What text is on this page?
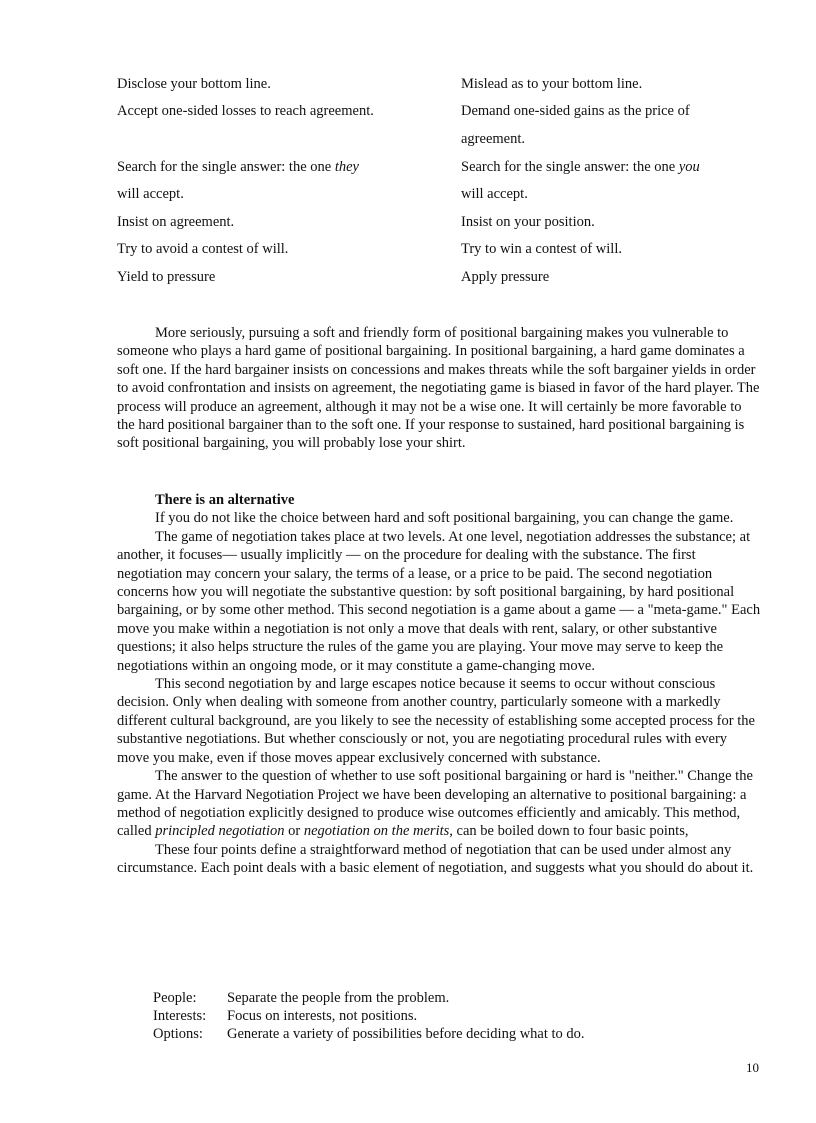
Disclose your bottom line.	Mislead as to your bottom line.
Accept one-sided losses to reach agreement.	Demand one-sided gains as the price of
agreement.
Search for the single answer: the one they	Search for the single answer: the one you
will accept.	will accept.
Insist on agreement.	Insist on your position.
Try to avoid a contest of will.	Try to win a contest of will.
Yield to pressure	Apply pressure

More seriously, pursuing a soft and friendly form of positional bargaining makes you vulnerable to someone who plays a hard game of positional bargaining. In positional bargaining, a hard game dominates a soft one. If the hard bargainer insists on concessions and makes threats while the soft bargainer yields in order to avoid confrontation and insists on agreement, the negotiating game is biased in favor of the hard player. The process will produce an agreement, although it may not be a wise one. It will certainly be more favorable to the hard positional bargainer than to the soft one. If your response to sustained, hard positional bargaining is soft positional bargaining, you will probably lose your shirt.

There is an alternative

If you do not like the choice between hard and soft positional bargaining, you can change the game.

The game of negotiation takes place at two levels. At one level, negotiation addresses the substance; at another, it focuses— usually implicitly — on the procedure for dealing with the substance. The first negotiation may concern your salary, the terms of a lease, or a price to be paid. The second negotiation concerns how you will negotiate the substantive question: by soft positional bargaining, by hard positional bargaining, or by some other method. This second negotiation is a game about a game — a "meta-game." Each move you make within a negotiation is not only a move that deals with rent, salary, or other substantive questions; it also helps structure the rules of the game you are playing. Your move may serve to keep the negotiations within an ongoing mode, or it may constitute a game-changing move.

This second negotiation by and large escapes notice because it seems to occur without conscious decision. Only when dealing with someone from another country, particularly someone with a markedly different cultural background, are you likely to see the necessity of establishing some accepted process for the substantive negotiations. But whether consciously or not, you are negotiating procedural rules with every move you make, even if those moves appear exclusively concerned with substance.

The answer to the question of whether to use soft positional bargaining or hard is "neither." Change the game. At the Harvard Negotiation Project we have been developing an alternative to positional bargaining: a method of negotiation explicitly designed to produce wise outcomes efficiently and amicably. This method, called principled negotiation or negotiation on the merits, can be boiled down to four basic points,

These four points define a straightforward method of negotiation that can be used under almost any circumstance. Each point deals with a basic element of negotiation, and suggests what you should do about it.

People: Separate the people from the problem.
Interests: Focus on interests, not positions.
Options: Generate a variety of possibilities before deciding what to do.
10
